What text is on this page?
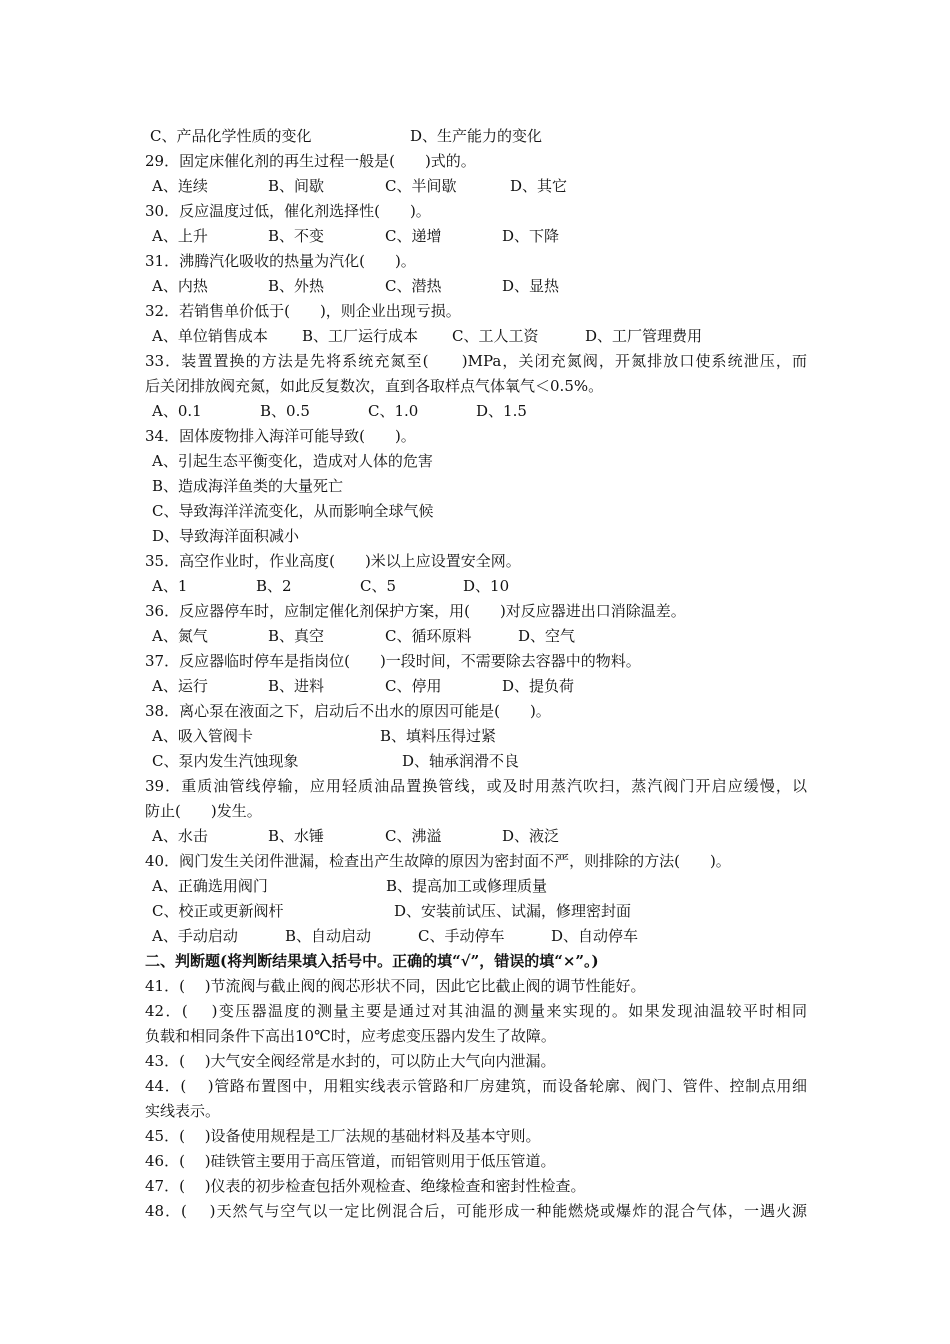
C、产品化学性质的变化	D、生产能力的变化
29．固定床催化剂的再生过程一般是(　　)式的。
A、连续	B、间歇	C、半间歇	D、其它
30．反应温度过低，催化剂选择性(　　)。
A、上升	B、不变	C、递增	D、下降
31．沸腾汽化吸收的热量为汽化(　　)。
A、内热	B、外热	C、潜热	D、显热
32．若销售单价低于(　　)，则企业出现亏损。
A、单位销售成本 B、工厂运行成本 C、工人工资	D、工厂管理费用
33．装置置换的方法是先将系统充氮至(　　)MPa，关闭充氮阀，开氮排放口使系统泄压，而
后关闭排放阀充氮，如此反复数次，直到各取样点气体氧气＜0.5%。
A、0.1	B、0.5	C、1.0	D、1.5
34．固体废物排入海洋可能导致(　　)。
A、引起生态平衡变化，造成对人体的危害
B、造成海洋鱼类的大量死亡
C、导致海洋洋流变化，从而影响全球气候
D、导致海洋面积减小
35．高空作业时，作业高度(　　)米以上应设置安全网。
A、1	B、2	C、5	D、10
36．反应器停车时，应制定催化剂保护方案，用(　　)对反应器进出口消除温差。
A、氮气	B、真空	C、循环原料	D、空气
37．反应器临时停车是指岗位(　　)一段时间，不需要除去容器中的物料。
A、运行	B、进料	C、停用	D、提负荷
38．离心泵在液面之下，启动后不出水的原因可能是(　　)。
A、吸入管阀卡	B、填料压得过紧
C、泵内发生汽蚀现象	D、轴承润滑不良
39．重质油管线停输，应用轻质油品置换管线，或及时用蒸汽吹扫，蒸汽阀门开启应缓慢，以
防止(　　)发生。
A、水击	B、水锤	C、沸溢	D、液泛
40．阀门发生关闭件泄漏，检查出产生故障的原因为密封面不严，则排除的方法(　　)。
A、正确选用阀门	B、提高加工或修理质量
C、校正或更新阀杆	D、安装前试压、试漏，修理密封面
A、手动启动	B、自动启动	C、手动停车	D、自动停车
二、判断题(将判断结果填入括号中。正确的填“√”，错误的填“×”。)
41．(　 )节流阀与截止阀的阀芯形状不同，因此它比截止阀的调节性能好。
42．(　 )变压器温度的测量主要是通过对其油温的测量来实现的。如果发现油温较平时相同
负载和相同条件下高出10℃时，应考虑变压器内发生了故障。
43．(　 )大气安全阀经常是水封的，可以防止大气向内泄漏。
44．(　 )管路布置图中，用粗实线表示管路和厂房建筑，而设备轮廓、阀门、管件、控制点用细
实线表示。
45．(　 )设备使用规程是工厂法规的基础材料及基本守则。
46．(　 )硅铁管主要用于高压管道，而铝管则用于低压管道。
47．(　 )仪表的初步检查包括外观检查、绝缘检查和密封性检查。
48．(　 )天然气与空气以一定比例混合后，可能形成一种能燃烧或爆炸的混合气体，一遇火源
